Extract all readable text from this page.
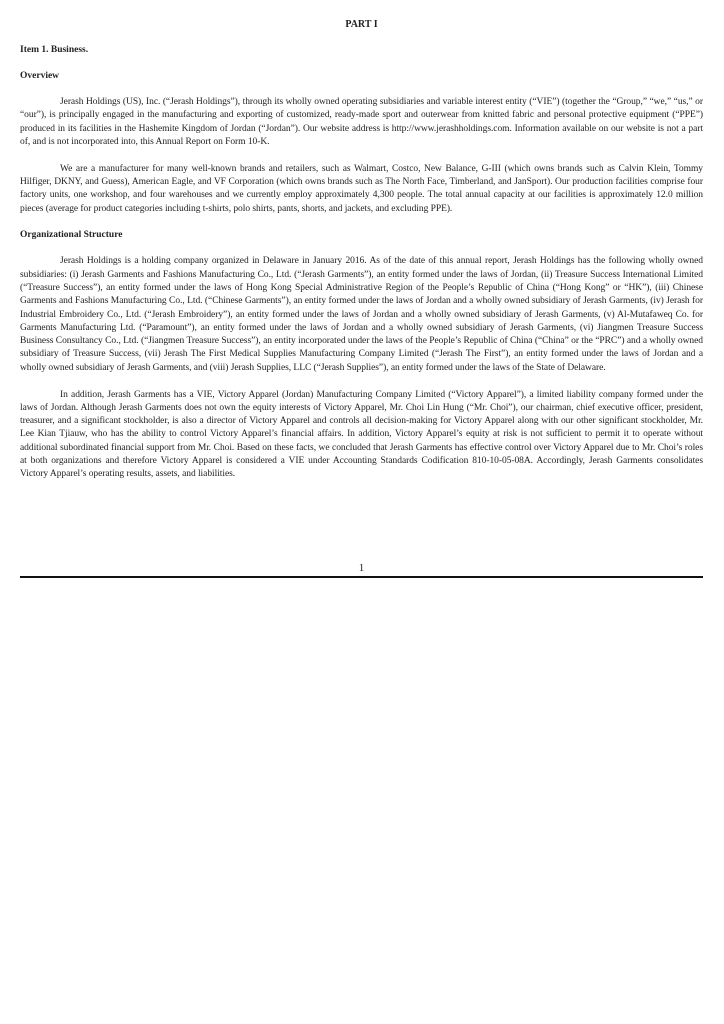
PART I
Item 1. Business.
Overview

Jerash Holdings (US), Inc. (“Jerash Holdings”), through its wholly owned operating subsidiaries and variable interest entity (“VIE”) (together the “Group,” “we,” “us,” or “our”), is principally engaged in the manufacturing and exporting of customized, ready-made sport and outerwear from knitted fabric and personal protective equipment (“PPE”) produced in its facilities in the Hashemite Kingdom of Jordan (“Jordan”). Our website address is http://www.jerashholdings.com. Information available on our website is not a part of, and is not incorporated into, this Annual Report on Form 10-K.

We are a manufacturer for many well-known brands and retailers, such as Walmart, Costco, New Balance, G-III (which owns brands such as Calvin Klein, Tommy Hilfiger, DKNY, and Guess), American Eagle, and VF Corporation (which owns brands such as The North Face, Timberland, and JanSport). Our production facilities comprise four factory units, one workshop, and four warehouses and we currently employ approximately 4,300 people. The total annual capacity at our facilities is approximately 12.0 million pieces (average for product categories including t-shirts, polo shirts, pants, shorts, and jackets, and excluding PPE).

Organizational Structure

Jerash Holdings is a holding company organized in Delaware in January 2016. As of the date of this annual report, Jerash Holdings has the following wholly owned subsidiaries: (i) Jerash Garments and Fashions Manufacturing Co., Ltd. (“Jerash Garments”), an entity formed under the laws of Jordan, (ii) Treasure Success International Limited (“Treasure Success”), an entity formed under the laws of Hong Kong Special Administrative Region of the People’s Republic of China (“Hong Kong” or “HK”), (iii) Chinese Garments and Fashions Manufacturing Co., Ltd. (“Chinese Garments”), an entity formed under the laws of Jordan and a wholly owned subsidiary of Jerash Garments, (iv) Jerash for Industrial Embroidery Co., Ltd. (“Jerash Embroidery”), an entity formed under the laws of Jordan and a wholly owned subsidiary of Jerash Garments, (v) Al-Mutafaweq Co. for Garments Manufacturing Ltd. (“Paramount”), an entity formed under the laws of Jordan and a wholly owned subsidiary of Jerash Garments, (vi) Jiangmen Treasure Success Business Consultancy Co., Ltd. (“Jiangmen Treasure Success”), an entity incorporated under the laws of the People’s Republic of China (“China” or the “PRC”) and a wholly owned subsidiary of Treasure Success, (vii) Jerash The First Medical Supplies Manufacturing Company Limited (“Jerash The First”), an entity formed under the laws of Jordan and a wholly owned subsidiary of Jerash Garments, and (viii) Jerash Supplies, LLC (“Jerash Supplies”), an entity formed under the laws of the State of Delaware.

In addition, Jerash Garments has a VIE, Victory Apparel (Jordan) Manufacturing Company Limited (“Victory Apparel”), a limited liability company formed under the laws of Jordan. Although Jerash Garments does not own the equity interests of Victory Apparel, Mr. Choi Lin Hung (“Mr. Choi”), our chairman, chief executive officer, president, treasurer, and a significant stockholder, is also a director of Victory Apparel and controls all decision-making for Victory Apparel along with our other significant stockholder, Mr. Lee Kian Tjiauw, who has the ability to control Victory Apparel’s financial affairs. In addition, Victory Apparel’s equity at risk is not sufficient to permit it to operate without additional subordinated financial support from Mr. Choi. Based on these facts, we concluded that Jerash Garments has effective control over Victory Apparel due to Mr. Choi’s roles at both organizations and therefore Victory Apparel is considered a VIE under Accounting Standards Codification 810-10-05-08A. Accordingly, Jerash Garments consolidates Victory Apparel’s operating results, assets, and liabilities.

1
